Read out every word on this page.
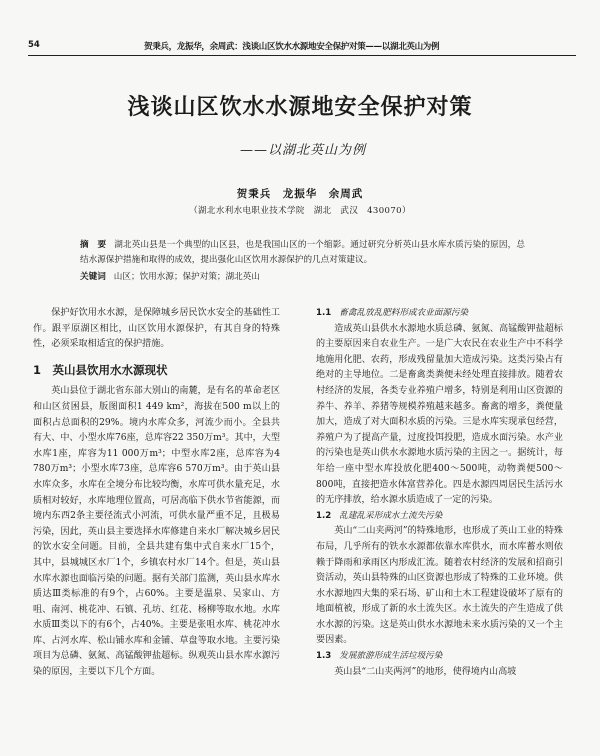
54	贺秉兵，龙振华，余周武：浅谈山区饮水水源地安全保护对策——以湖北英山为例
浅谈山区饮水水源地安全保护对策
——以湖北英山为例
贺秉兵　龙振华　余周武
（湖北水利水电职业技术学院　湖北　武汉　430070）
摘　要 湖北英山县是一个典型的山区县，也是我国山区的一个缩影。通过研究分析英山县水库水质污染的原因，总结水源保护措施和取得的成效，提出强化山区饮用水源保护的几点对策建议。
关键词 山区；饮用水源；保护对策；湖北英山

保护好饮用水水源，是保障城乡居民饮水安全的基础性工作。跟平原湖区相比，山区饮用水源保护，有其自身的特殊性，必须采取相适宜的保护措施。

1　英山县饮用水水源现状

英山县位于湖北省东部大别山的南麓，是有名的革命老区和山区贫困县，版图面积1 449 km²，海拔在500 m以上的面积占总面积的29%。境内水库众多，河流少而小。全县共有大、中、小型水库76座，总库容22 350万m³。其中，大型水库1座，库容为11 000万m³；中型水库2座，总库容为4 780万m³；小型水库73座，总库容6 570万m³。由于英山县水库众多，水库在全境分布比较均衡，水库可供水量充足，水质相对较好，水库地理位置高，可居高临下供水节省能源，而境内东西2条主要径流式小河流，可供水量严重不足，且极易污染，因此，英山县主要选择水库修建自来水厂解决城乡居民的饮水安全问题。目前，全县共建有集中式自来水厂15个，其中，县城城区水厂1个，乡镇农村水厂14个。但是，英山县水库水源也面临污染的问题。据有关部门监测，英山县水库水质达Ⅲ类标准的有9个，占60%。主要是温泉、吴家山、方咀、南河、桃花冲、石镇、孔坊、红花、杨柳等取水地。水库水质Ⅲ类以下的有6个，占40%。主要是张咀水库、桃花冲水库、占河水库、松山铺水库和金铺、草盘等取水地。主要污染项目为总磷、氨氮、高锰酸钾盐超标。纵观英山县水库水源污染的原因，主要以下几个方面。

1.1 畜禽乱放乱肥料形成农业面源污染

造成英山县供水水源地水质总磷、氨氮、高锰酸钾盐超标的主要原因来自农业生产。一是广大农民在农业生产中不科学地施用化肥、农药，形成残留量加大造成污染。这类污染占有绝对的主导地位。二是畜禽类粪便未经处理直接排放。随着农村经济的发展，各类专业养殖户增多，特别是利用山区资源的养牛、养羊、养猪等规模养殖越来越多。畜禽的增多，粪便量加大，造成了对大面积水质的污染。三是水库实现承包经营，养殖户为了提高产量，过度投饵投肥，造成水面污染。水产业的污染也是英山供水水源地水质污染的主因之一。据统计，每年给一座中型水库投放化肥400～500吨，动物粪便500～800吨，直接把造水体富营养化。四是水源四周居民生活污水的无序排放，给水源水质造成了一定的污染。

1.2 乱建乱采形成水土流失污染

英山“二山夹两河”的特殊地形，也形成了英山工业的特殊布局，几乎所有的铁水水源都依靠水库供水，而水库蓄水则依赖于降雨和承雨区内形成汇流。随着农村经济的发展和招商引资活动，英山县特殊的山区资源也形成了特殊的工业环境。供水水源地四大集的采石场、矿山和土木工程建设破坏了原有的地面植被，形成了新的水土流失区。水土流失的产生造成了供水水源的污染。这是英山供水水源地未来水质污染的又一个主要因素。

1.3 发展旅游形成生活垃圾污染

英山县“二山夹两河”的地形，使得境内山高坡
